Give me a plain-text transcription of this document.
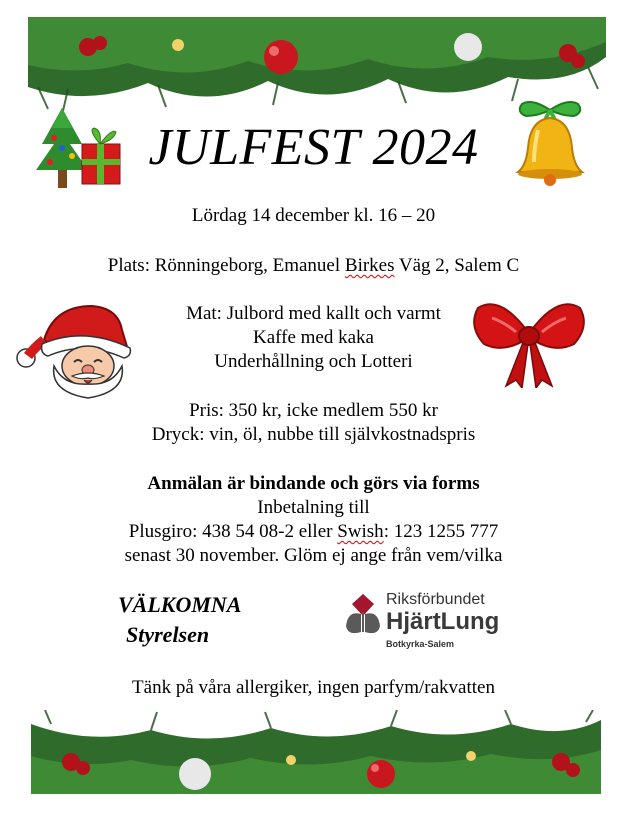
JULFEST 2024
Lördag 14 december kl. 16 – 20
Plats: Rönningeborg, Emanuel Birkes Väg 2, Salem C
Mat: Julbord med kallt och varmt
Kaffe med kaka
Underhållning och Lotteri
Pris: 350 kr, icke medlem 550 kr
Dryck: vin, öl, nubbe till självkostnadspris
Anmälan är bindande och görs via forms
Inbetalning till
Plusgiro: 438 54 08-2 eller Swish: 123 1255 777
senast 30 november. Glöm ej ange från vem/vilka
VÄLKOMNA
Styrelsen
Riksförbundet
HjärtLung
Botkyrka-Salem
Tänk på våra allergiker, ingen parfym/rakvatten
